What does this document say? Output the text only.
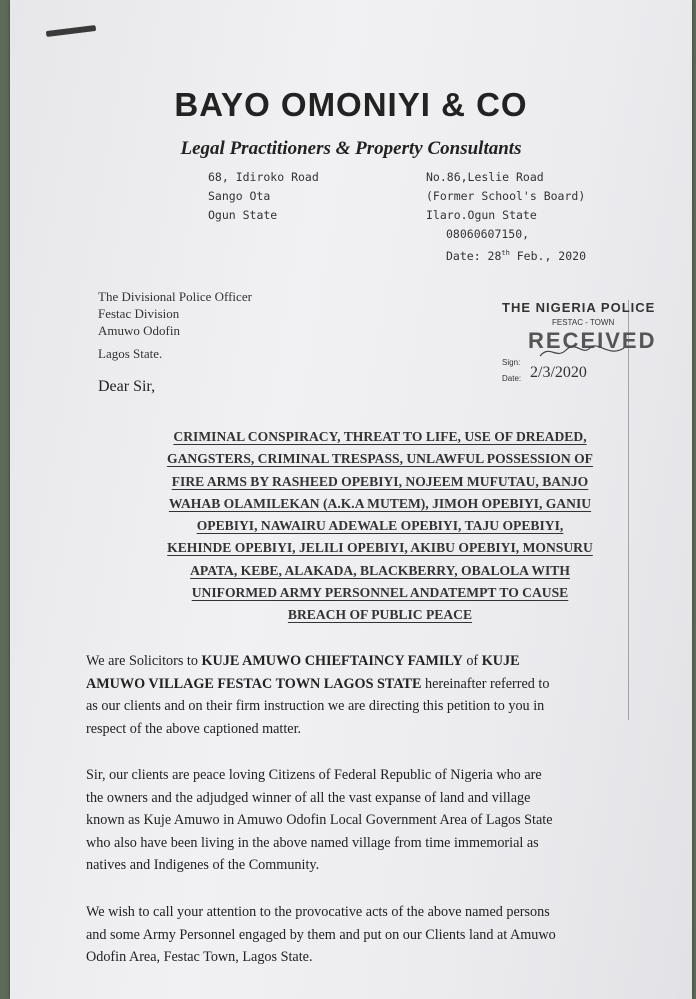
BAYO OMONIYI & CO
Legal Practitioners & Property Consultants
68, Idiroko Road
Sango Ota
Ogun State
No.86,Leslie Road
(Former School's Board)
Ilaro.Ogun State
08060607150,
Date: 28th Feb., 2020
The Divisional Police Officer
Festac Division
Amuwo Odofin
Lagos State.
THE NIGERIA POLICE
FESTAC - TOWN
RECEIVED
Sign:
Date: 2/3/2020
Dear Sir,
CRIMINAL CONSPIRACY, THREAT TO LIFE, USE OF DREADED,
GANGSTERS, CRIMINAL TRESPASS, UNLAWFUL POSSESSION OF
FIRE ARMS BY RASHEED OPEBIYI, NOJEEM MUFUTAU, BANJO
WAHAB OLAMILEKAN (A.K.A MUTEM), JIMOH OPEBIYI, GANIU
OPEBIYI, NAWAIRU ADEWALE OPEBIYI, TAJU OPEBIYI,
KEHINDE OPEBIYI, JELILI OPEBIYI, AKIBU OPEBIYI, MONSURU
APATA, KEBE, ALAKADA, BLACKBERRY, OBALOLA WITH
UNIFORMED ARMY PERSONNEL ANDATEMPT TO CAUSE
BREACH OF PUBLIC PEACE
We are Solicitors to KUJE AMUWO CHIEFTAINCY FAMILY of KUJE
AMUWO VILLAGE FESTAC TOWN LAGOS STATE hereinafter referred to
as our clients and on their firm instruction we are directing this petition to you in
respect of the above captioned matter.
Sir, our clients are peace loving Citizens of Federal Republic of Nigeria who are
the owners and the adjudged winner of all the vast expanse of land and village
known as Kuje Amuwo in Amuwo Odofin Local Government Area of Lagos State
who also have been living in the above named village from time immemorial as
natives and Indigenes of the Community.
We wish to call your attention to the provocative acts of the above named persons
and some Army Personnel engaged by them and put on our Clients land at Amuwo
Odofin Area, Festac Town, Lagos State.
